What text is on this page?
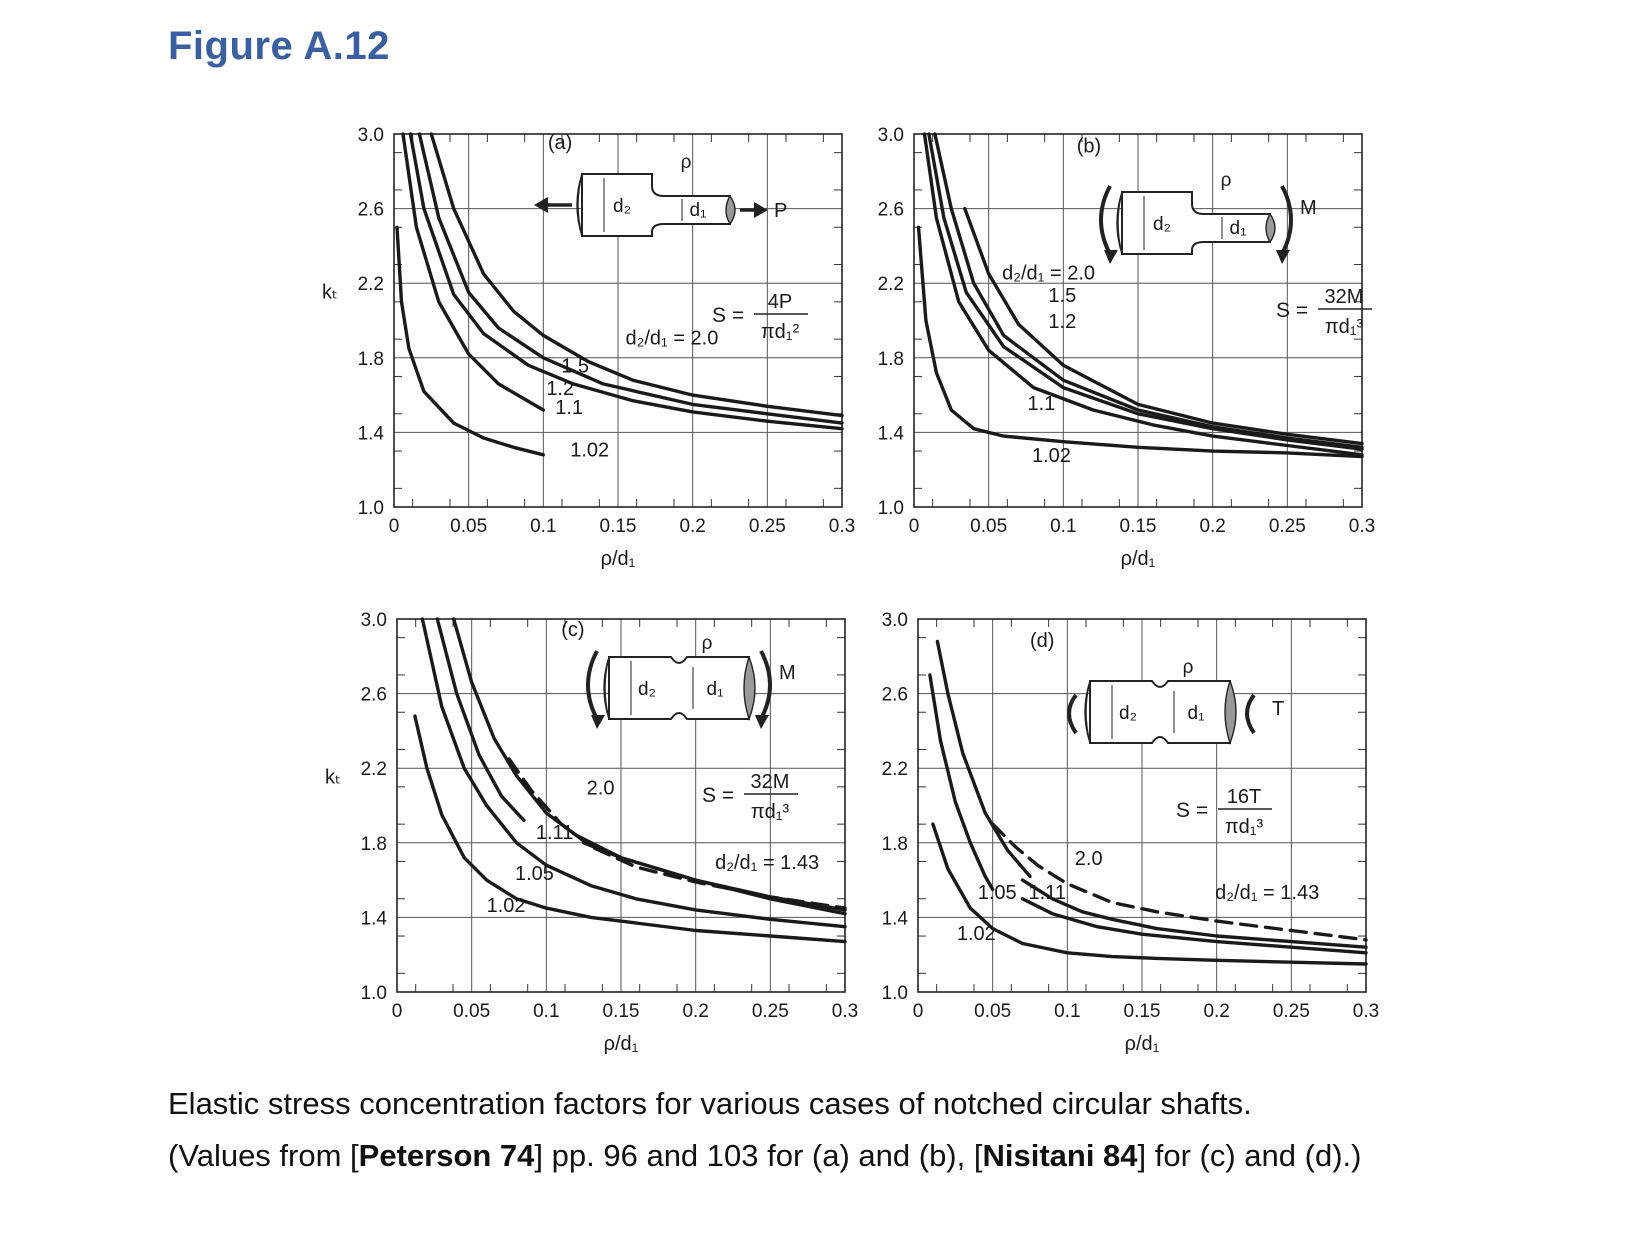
Figure A.12
0	0.05 0.1 0.15 0.2 0.25 0.3
1.0
1.4
1.8
2.2
2.6
3.0
ρ/d₁
kₜ
d₂/d₁ = 2.0
1.5
1.2
1.1
1.02
(a)
S =
4P
πd₁²
d₂	d₁
ρ
P
0	0.05 0.1 0.15 0.2 0.25 0.3
1.0
1.4
1.8
2.2
2.6
3.0
ρ/d₁
d₂/d₁ = 2.0
1.5
1.2
1.1
1.02
(b)
S =
32M
πd₁³
d₂	d₁
ρ
M
0	0.05 0.1 0.15 0.2 0.25 0.3
1.0
1.4
1.8
2.2
2.6
3.0
ρ/d₁
kₜ	2.0
1.11
d₂/d₁ = 1.43
1.05
1.02
(c)
S =
32M
πd₁³
d₂	d₁
ρ
M
0	0.05 0.1 0.15 0.2 0.25 0.3
1.0
1.4
1.8
2.2
2.6
3.0
ρ/d₁
2.0
1.05 1.11	d₂/d₁ = 1.43
1.02
(d)
S =
16T
πd₁³
d₂	d₁
ρ
T
Elastic stress concentration factors for various cases of notched circular shafts.
(Values from [Peterson 74] pp. 96 and 103 for (a) and (b), [Nisitani 84] for (c) and (d).)
